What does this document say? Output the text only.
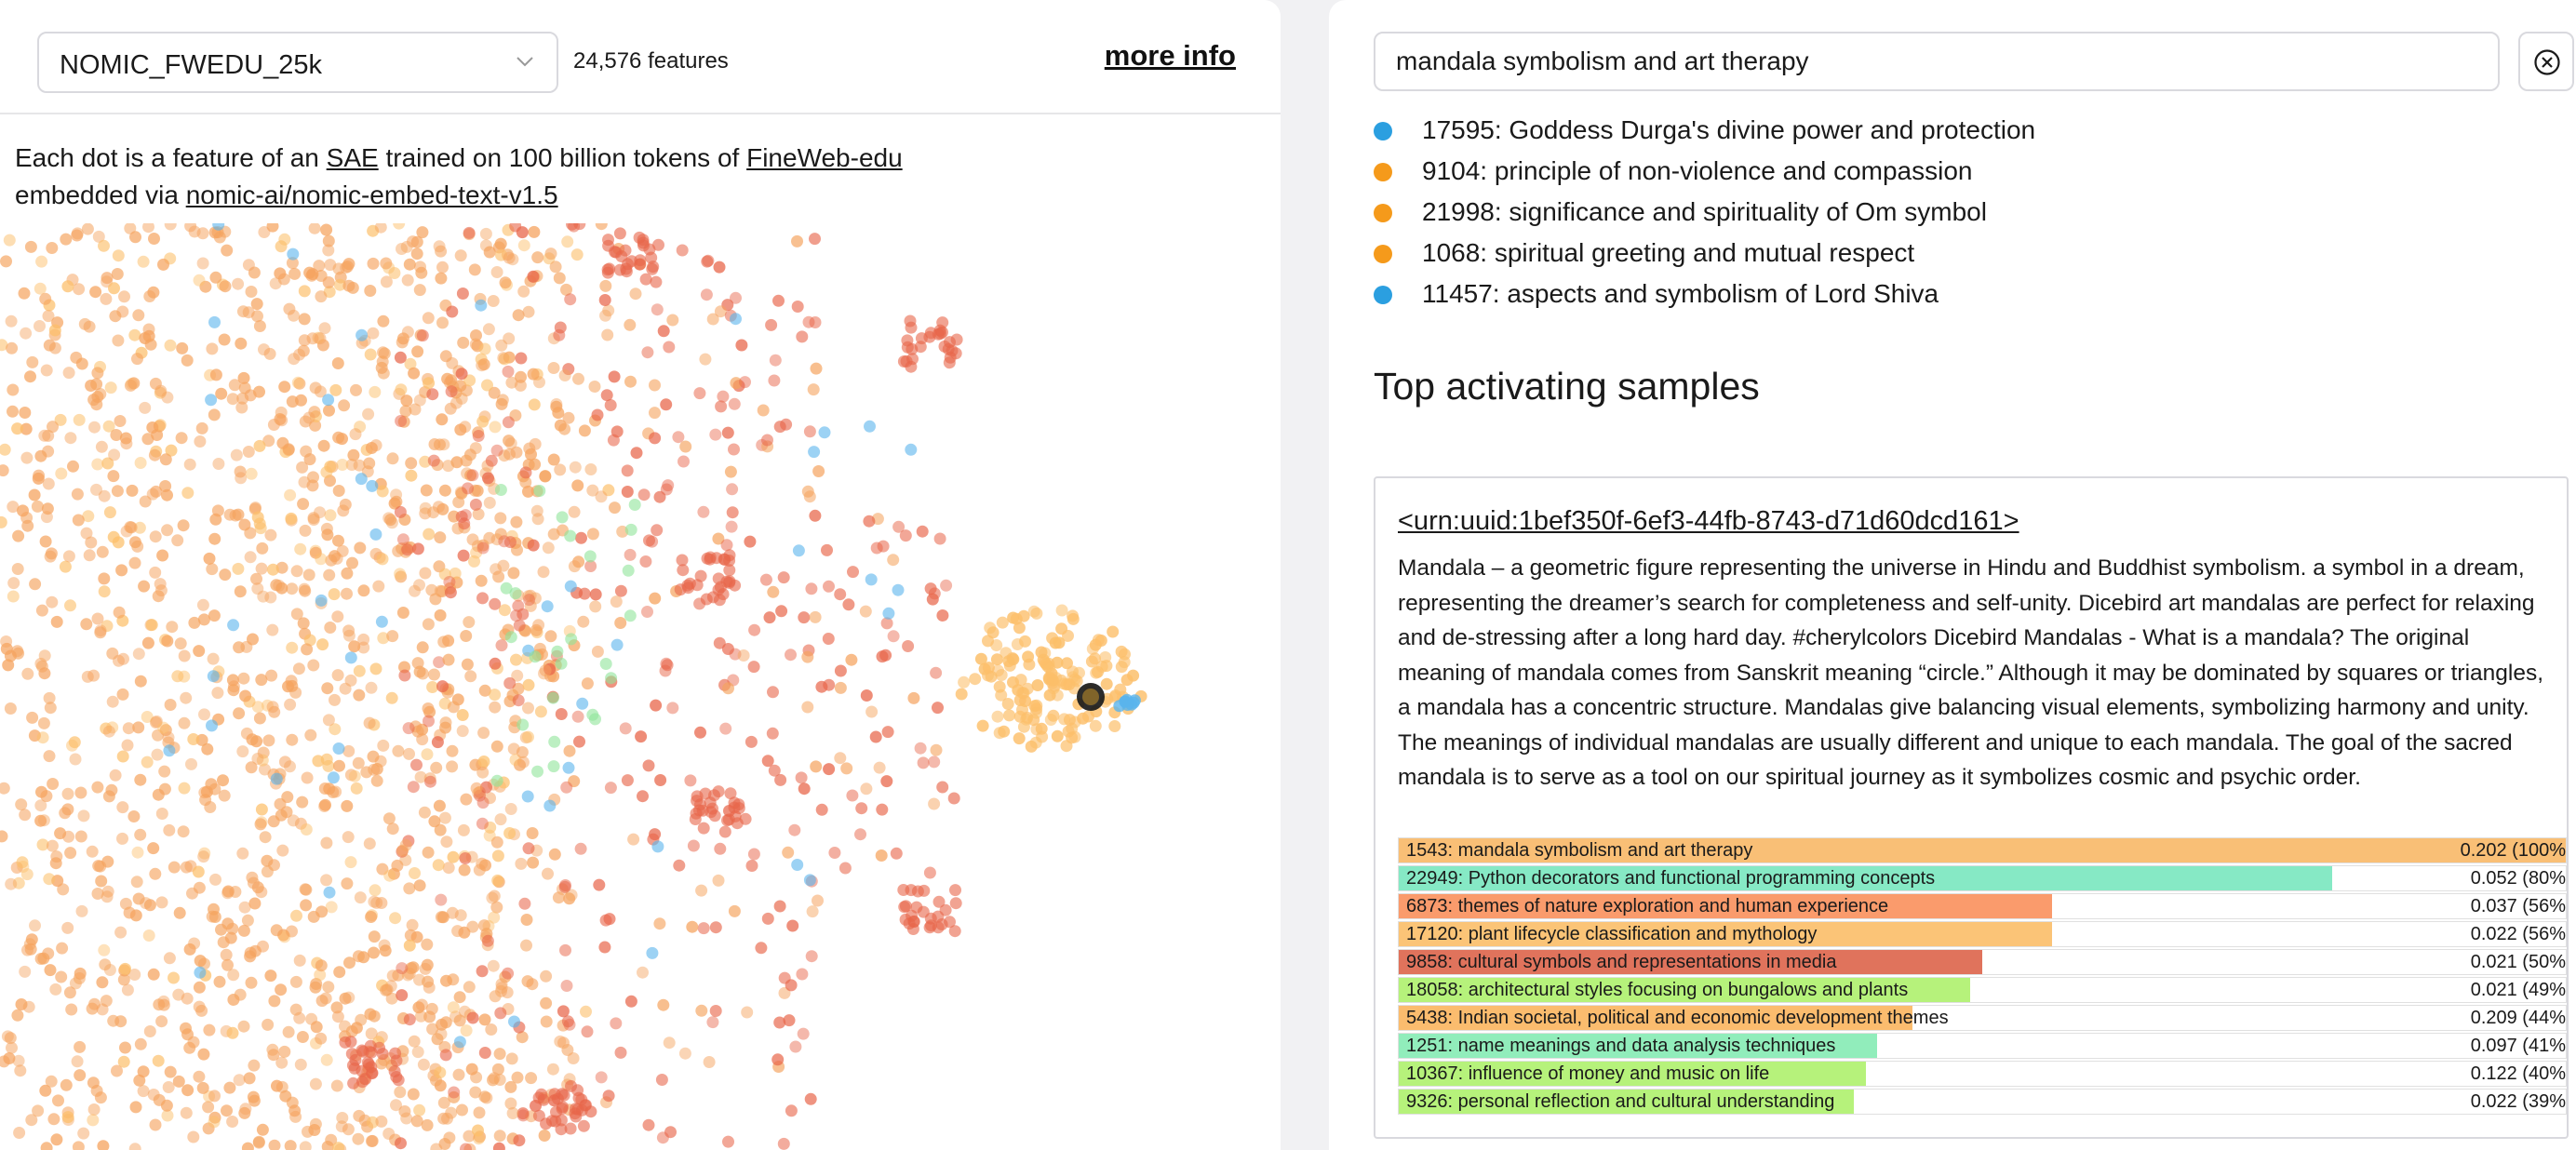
NOMIC_FWEDU_25k	24,576 features	more info
Each dot is a feature of an SAE trained on 100 billion tokens of FineWeb-edu
embedded via nomic-ai/nomic-embed-text-v1.5
mandala symbolism and art therapy
17595: Goddess Durga's divine power and protection
9104: principle of non-violence and compassion
21998: significance and spirituality of Om symbol
1068: spiritual greeting and mutual respect
11457: aspects and symbolism of Lord Shiva
Top activating samples
<urn:uuid:1bef350f-6ef3-44fb-8743-d71d60dcd161>
Mandala – a geometric figure representing the universe in Hindu and Buddhist symbolism. a symbol in a dream, representing the dreamer’s search for completeness and self-unity. Dicebird art mandalas are perfect for relaxing and de-stressing after a long hard day. #cherylcolors Dicebird Mandalas - What is a mandala? The original meaning of mandala comes from Sanskrit meaning “circle.” Although it may be dominated by squares or triangles, a mandala has a concentric structure. Mandalas give balancing visual elements, symbolizing harmony and unity. The meanings of individual mandalas are usually different and unique to each mandala. The goal of the sacred mandala is to serve as a tool on our spiritual journey as it symbolizes cosmic and psychic order.
1543: mandala symbolism and art therapy	0.202 (100%
22949: Python decorators and functional programming concepts	0.052 (80%
6873: themes of nature exploration and human experience	0.037 (56%
17120: plant lifecycle classification and mythology	0.022 (56%
9858: cultural symbols and representations in media	0.021 (50%
18058: architectural styles focusing on bungalows and plants	0.021 (49%
5438: Indian societal, political and economic development themes	0.209 (44%
1251: name meanings and data analysis techniques	0.097 (41%
10367: influence of money and music on life	0.122 (40%
9326: personal reflection and cultural understanding	0.022 (39%
